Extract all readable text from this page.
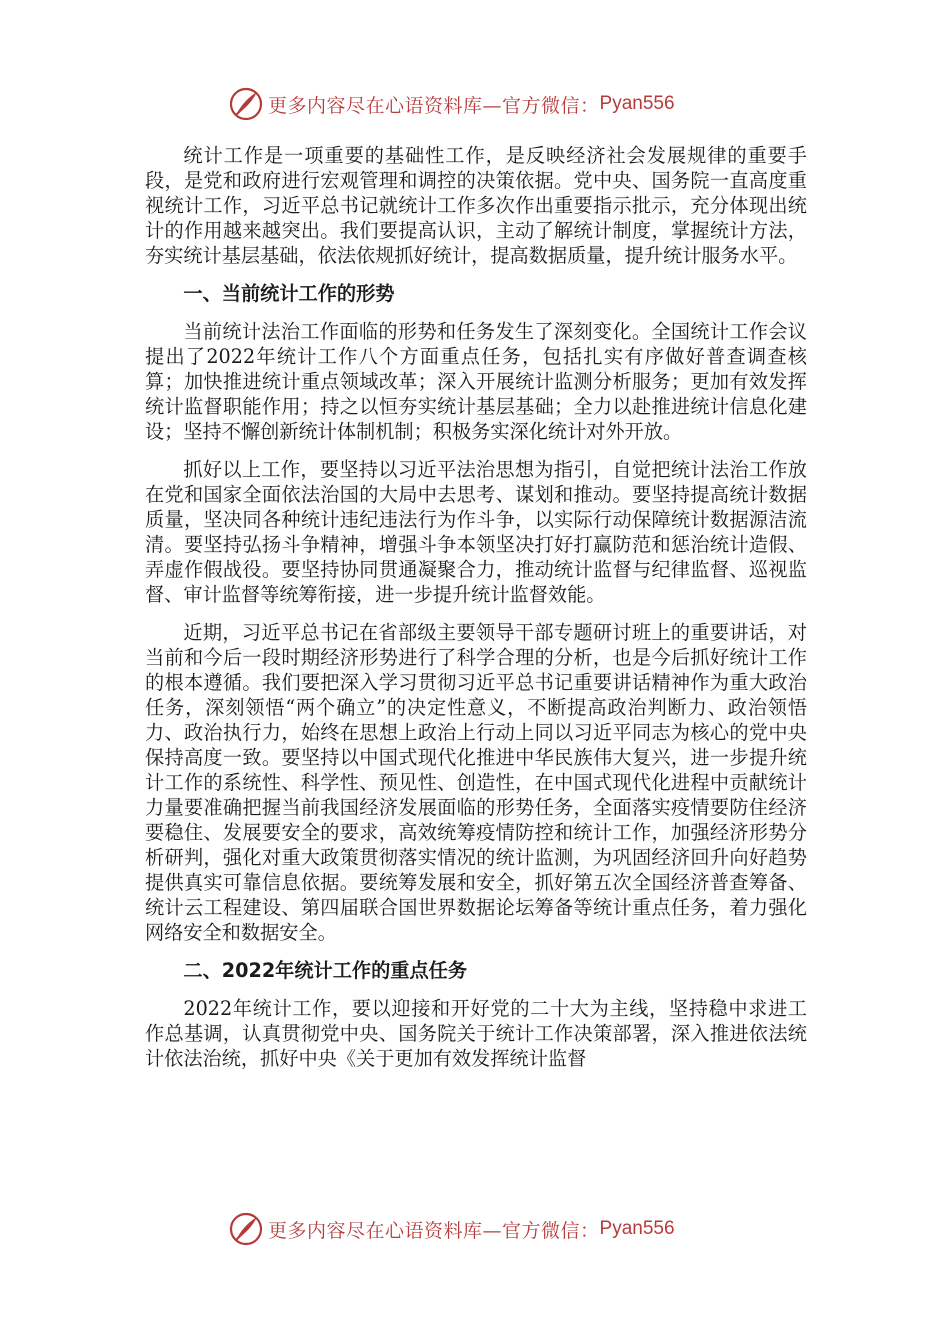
更多内容尽在心语资料库—官方微信： Pyan556

统计工作是一项重要的基础性工作，是反映经济社会发展规律的重要手段，是党和政府进行宏观管理和调控的决策依据。党中央、国务院一直高度重视统计工作，习近平总书记就统计工作多次作出重要指示批示，充分体现出统计的作用越来越突出。我们要提高认识，主动了解统计制度，掌握统计方法，夯实统计基层基础，依法依规抓好统计，提高数据质量，提升统计服务水平。

一、当前统计工作的形势

当前统计法治工作面临的形势和任务发生了深刻变化。全国统计工作会议提出了2022年统计工作八个方面重点任务，包括扎实有序做好普查调查核算；加快推进统计重点领域改革；深入开展统计监测分析服务；更加有效发挥统计监督职能作用；持之以恒夯实统计基层基础；全力以赴推进统计信息化建设；坚持不懈创新统计体制机制；积极务实深化统计对外开放。

抓好以上工作，要坚持以习近平法治思想为指引，自觉把统计法治工作放在党和国家全面依法治国的大局中去思考、谋划和推动。要坚持提高统计数据质量，坚决同各种统计违纪违法行为作斗争，以实际行动保障统计数据源洁流清。要坚持弘扬斗争精神，增强斗争本领坚决打好打赢防范和惩治统计造假、弄虚作假战役。要坚持协同贯通凝聚合力，推动统计监督与纪律监督、巡视监督、审计监督等统筹衔接，进一步提升统计监督效能。

近期，习近平总书记在省部级主要领导干部专题研讨班上的重要讲话，对当前和今后一段时期经济形势进行了科学合理的分析，也是今后抓好统计工作的根本遵循。我们要把深入学习贯彻习近平总书记重要讲话精神作为重大政治任务，深刻领悟“两个确立”的决定性意义，不断提高政治判断力、政治领悟力、政治执行力，始终在思想上政治上行动上同以习近平同志为核心的党中央保持高度一致。要坚持以中国式现代化推进中华民族伟大复兴，进一步提升统计工作的系统性、科学性、预见性、创造性，在中国式现代化进程中贡献统计力量要准确把握当前我国经济发展面临的形势任务，全面落实疫情要防住经济要稳住、发展要安全的要求，高效统筹疫情防控和统计工作，加强经济形势分析研判，强化对重大政策贯彻落实情况的统计监测，为巩固经济回升向好趋势提供真实可靠信息依据。要统筹发展和安全，抓好第五次全国经济普查筹备、统计云工程建设、第四届联合国世界数据论坛筹备等统计重点任务，着力强化网络安全和数据安全。

二、2022年统计工作的重点任务

2022年统计工作，要以迎接和开好党的二十大为主线，坚持稳中求进工作总基调，认真贯彻党中央、国务院关于统计工作决策部署，深入推进依法统计依法治统，抓好中央《关于更加有效发挥统计监督

更多内容尽在心语资料库—官方微信： Pyan556
